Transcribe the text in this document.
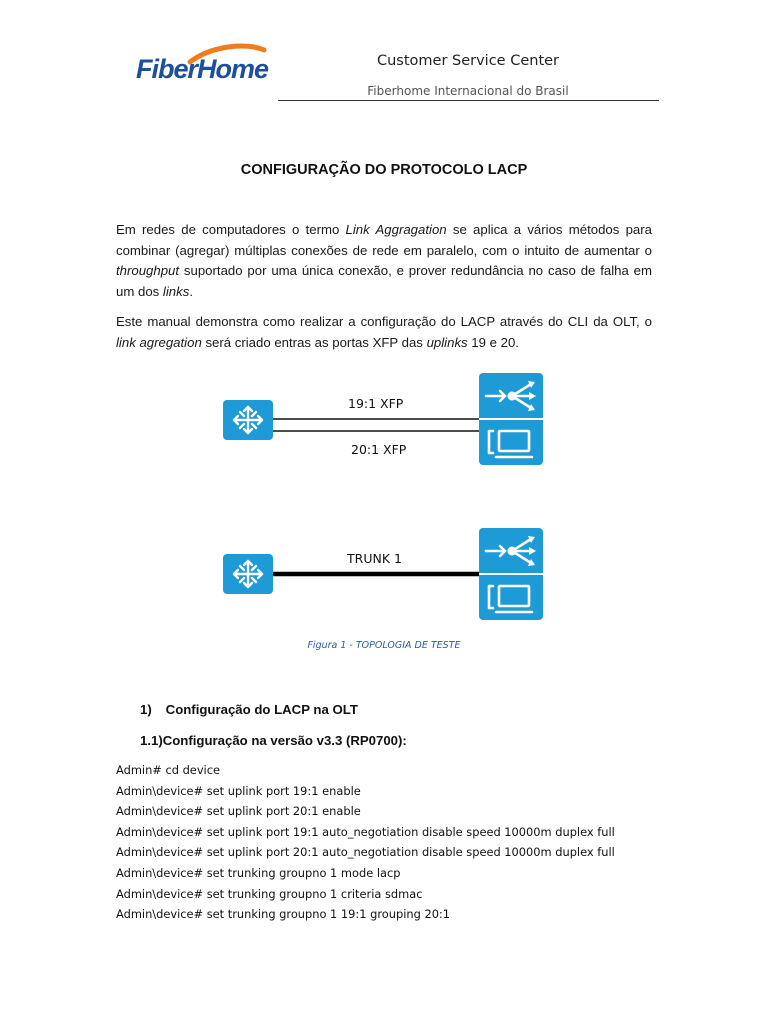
FiberHome	Customer Service Center
Fiberhome Internacional do Brasil
CONFIGURAÇÃO DO PROTOCOLO LACP
Em redes de computadores o termo Link Aggragation se aplica a vários métodos para combinar (agregar) múltiplas conexões de rede em paralelo, com o intuito de aumentar o throughput suportado por uma única conexão, e prover redundância no caso de falha em um dos links.
Este manual demonstra como realizar a configuração do LACP através do CLI da OLT, o link agregation será criado entras as portas XFP das uplinks 19 e 20.
19:1 XFP
20:1 XFP
TRUNK 1
Figura 1 - TOPOLOGIA DE TESTE
1) Configuração do LACP na OLT
1.1)Configuração na versão v3.3 (RP0700):
Admin# cd device
Admin\device# set uplink port 19:1 enable
Admin\device# set uplink port 20:1 enable
Admin\device# set uplink port 19:1 auto_negotiation disable speed 10000m duplex full
Admin\device# set uplink port 20:1 auto_negotiation disable speed 10000m duplex full
Admin\device# set trunking groupno 1 mode lacp
Admin\device# set trunking groupno 1 criteria sdmac
Admin\device# set trunking groupno 1 19:1 grouping 20:1
